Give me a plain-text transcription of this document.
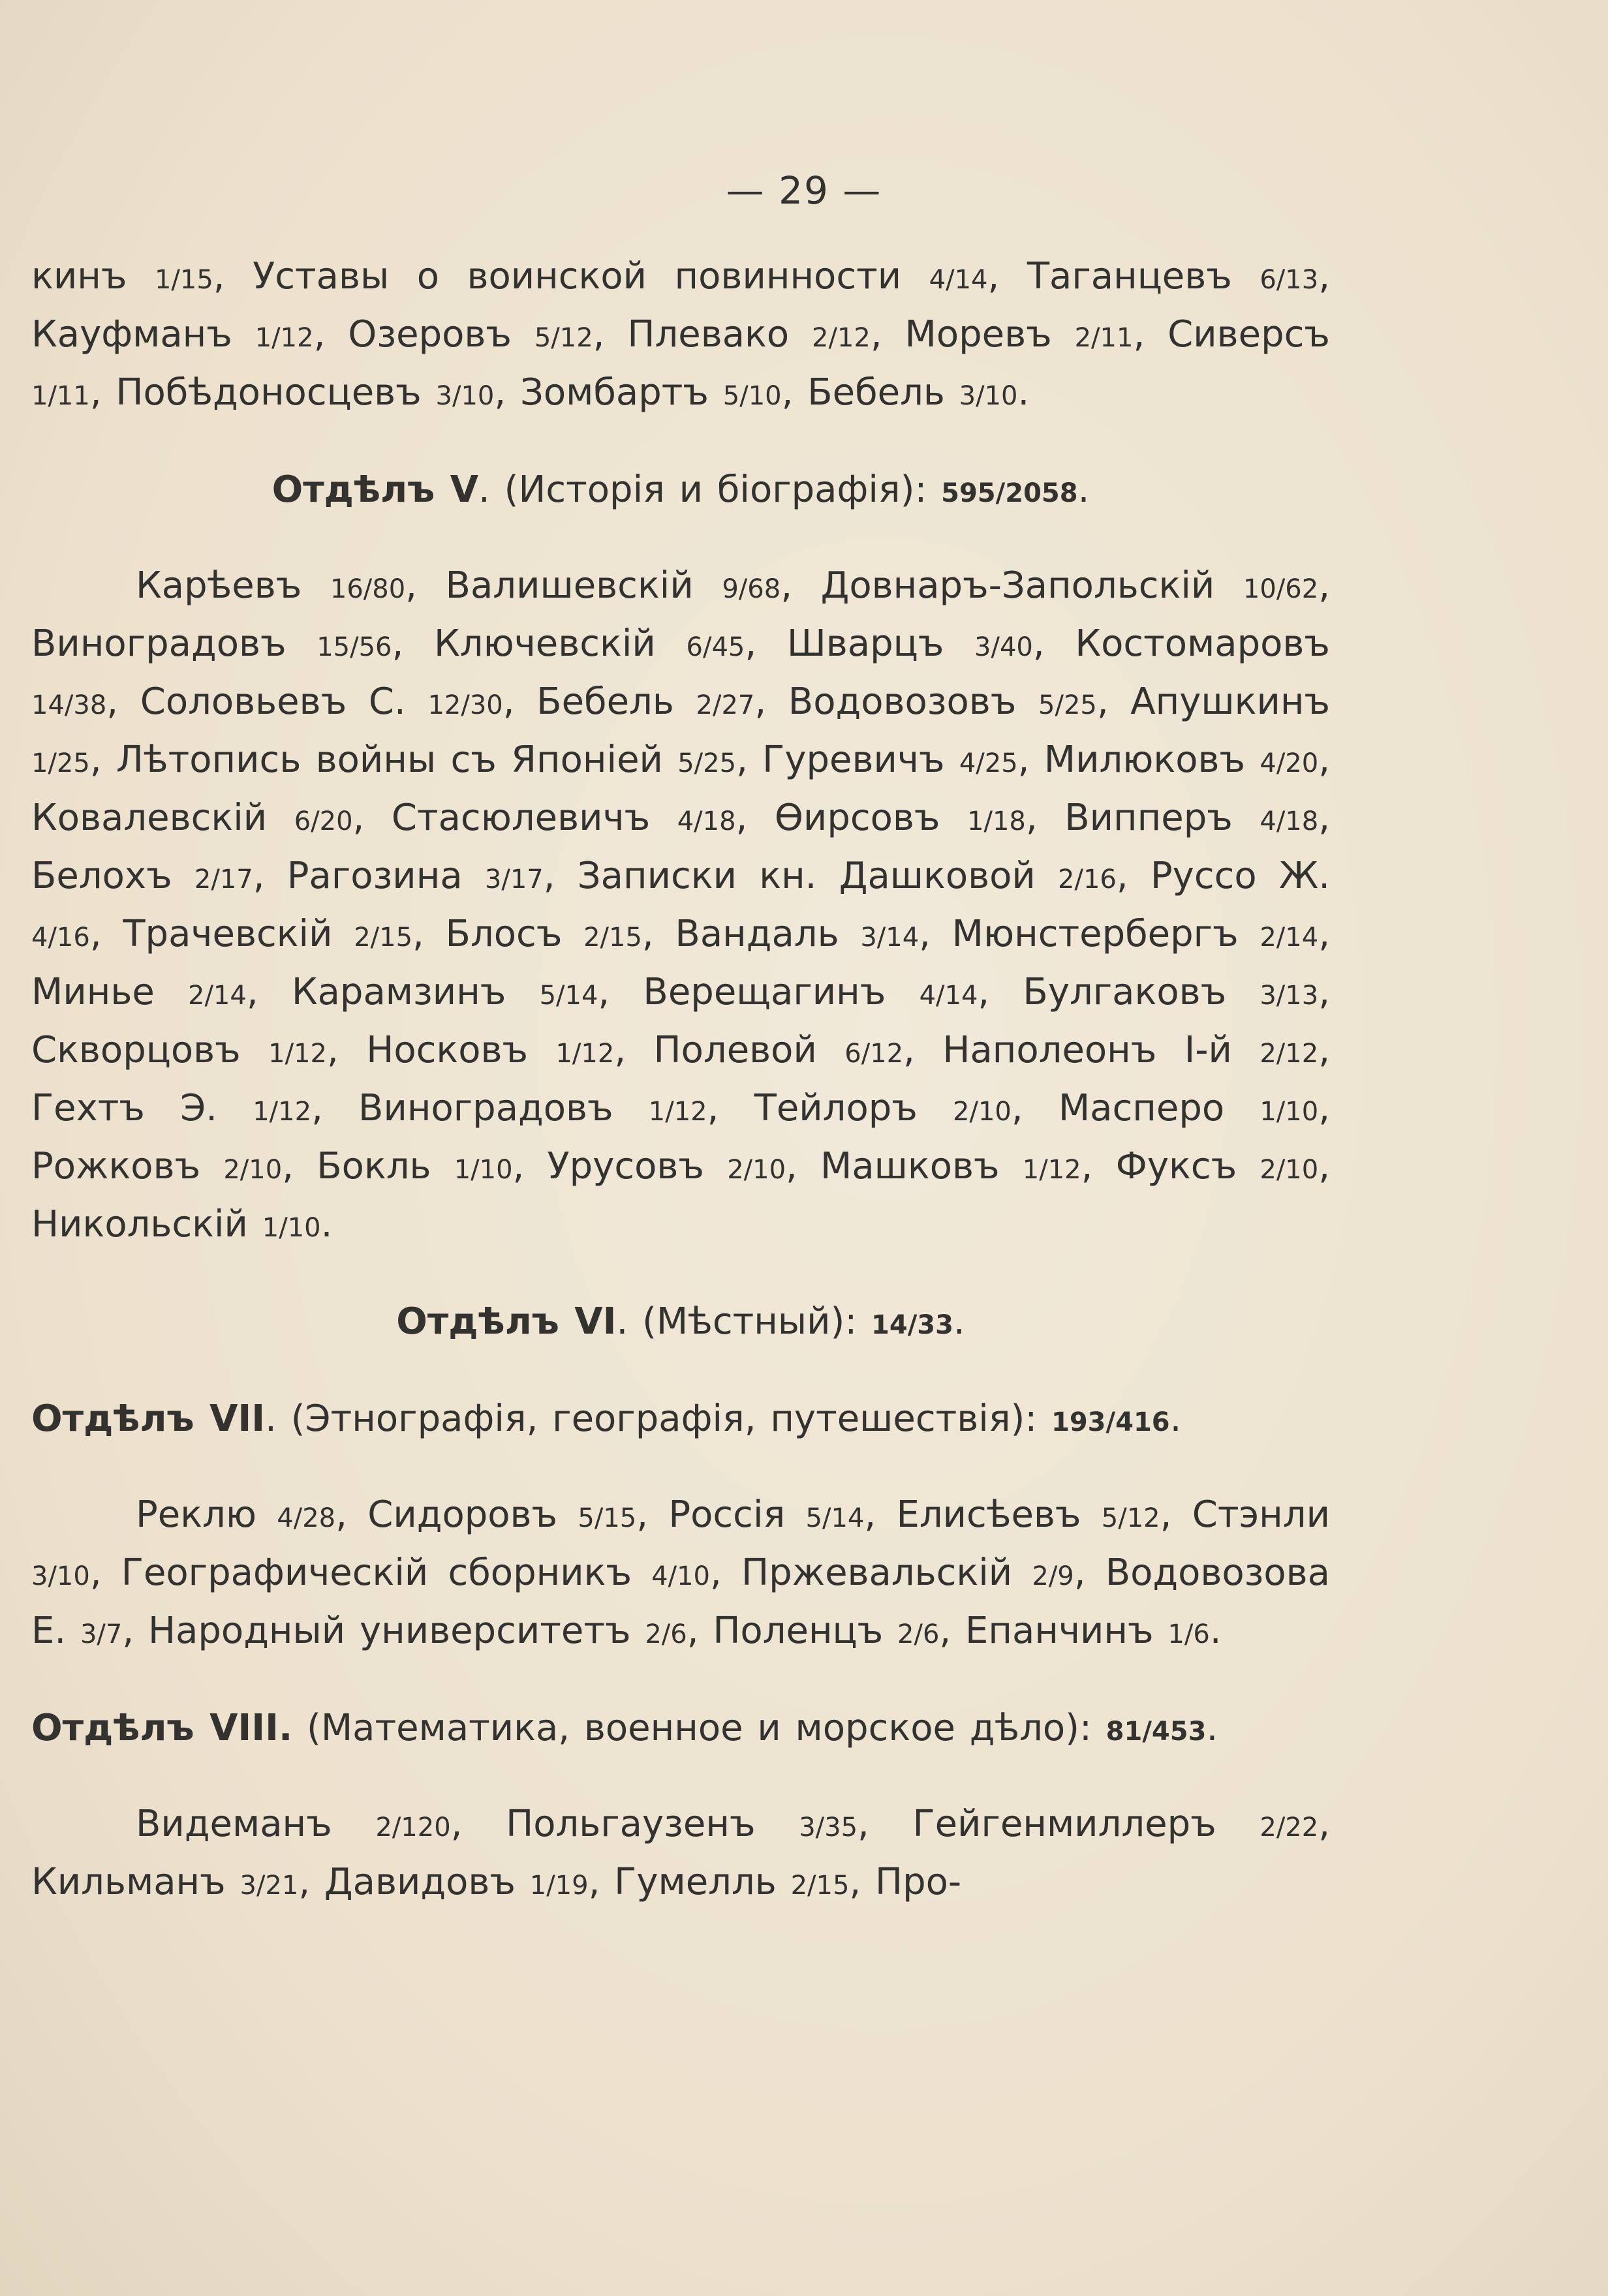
— 29 —

кинъ 1/15, Уставы о воинской повинности 4/14, Таганцевъ 6/13, Кауфманъ 1/12, Озеровъ 5/12, Плевако 2/12, Моревъ 2/11, Сиверсъ 1/11, Побѣдоносцевъ 3/10, Зомбартъ 5/10, Бебель 3/10.

Отдѣлъ V. (Исторія и біографія): 595/2058.

Карѣевъ 16/80, Валишевскій 9/68, Довнаръ-Запольскій 10/62, Виноградовъ 15/56, Ключевскій 6/45, Шварцъ 3/40, Костомаровъ 14/38, Соловьевъ С. 12/30, Бебель 2/27, Водовозовъ 5/25, Апушкинъ 1/25, Лѣтопись войны съ Японіей 5/25, Гуревичъ 4/25, Милюковъ 4/20, Ковалевскій 6/20, Стасюлевичъ 4/18, Ѳирсовъ 1/18, Випперъ 4/18, Белохъ 2/17, Рагозина 3/17, Записки кн. Дашковой 2/16, Руссо Ж. 4/16, Трачевскій 2/15, Блосъ 2/15, Вандаль 3/14, Мюнстербергъ 2/14, Минье 2/14, Карамзинъ 5/14, Верещагинъ 4/14, Булгаковъ 3/13, Скворцовъ 1/12, Носковъ 1/12, Полевой 6/12, Наполеонъ I-й 2/12, Гехтъ Э. 1/12, Виноградовъ 1/12, Тейлоръ 2/10, Масперо 1/10, Рожковъ 2/10, Бокль 1/10, Урусовъ 2/10, Машковъ 1/12, Фуксъ 2/10, Никольскій 1/10.

Отдѣлъ VI. (Мѣстный): 14/33.

Отдѣлъ VII. (Этнографія, географія, путешествія): 193/416.

Реклю 4/28, Сидоровъ 5/15, Россія 5/14, Елисѣевъ 5/12, Стэнли 3/10, Географическій сборникъ 4/10, Пржевальскій 2/9, Водовозова Е. 3/7, Народный университетъ 2/6, Поленцъ 2/6, Епанчинъ 1/6.

Отдѣлъ VIII. (Математика, военное и морское дѣло): 81/453.

Видеманъ 2/120, Польгаузенъ 3/35, Гейгенмиллеръ 2/22, Кильманъ 3/21, Давидовъ 1/19, Гумелль 2/15, Про-
